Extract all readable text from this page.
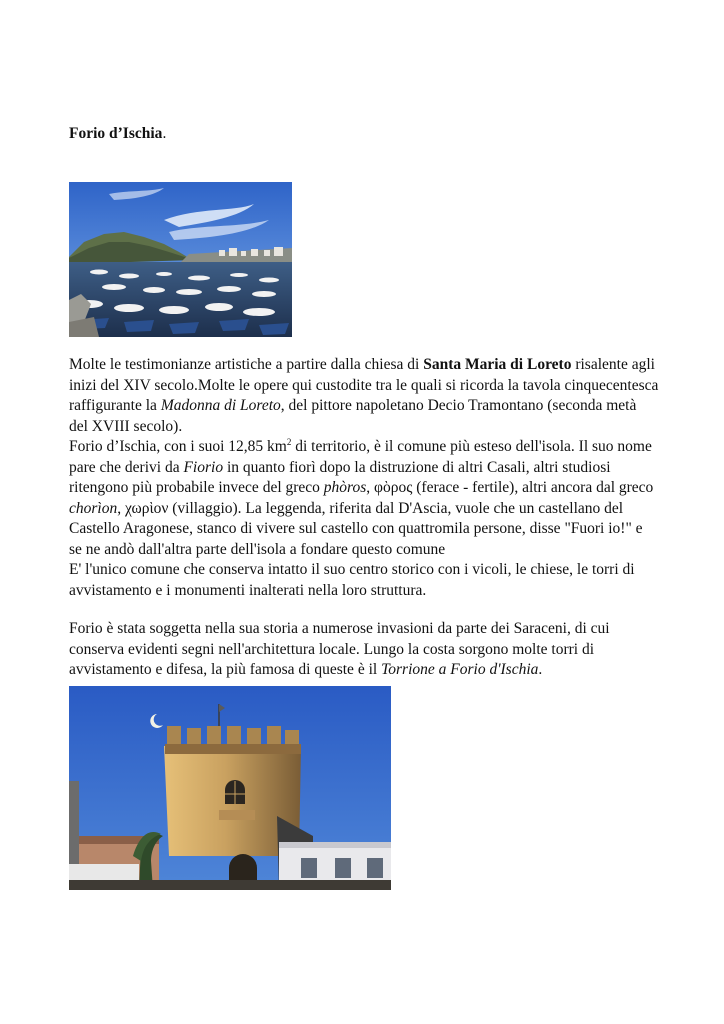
Forio d’Ischia.

Molte le testimonianze artistiche a partire dalla chiesa di Santa Maria di Loreto risalente agli inizi del XIV secolo.Molte le opere qui custodite tra le quali si ricorda la tavola cinquecentesca raffigurante la Madonna di Loreto, del pittore napoletano Decio Tramontano (seconda metà del XVIII secolo).

Forio d’Ischia, con i suoi 12,85 $km^2$ di territorio, è il comune più esteso dell'isola. Il suo nome pare che derivi da Fiorio in quanto fiorì dopo la distruzione di altri Casali, altri studiosi ritengono più probabile invece del greco phòros, φὸρος (ferace - fertile), altri ancora dal greco chorìon, χωρὶον (villaggio). La leggenda, riferita dal D'Ascia, vuole che un castellano del Castello Aragonese, stanco di vivere sul castello con quattromila persone, disse "Fuori io!" e se ne andò dall'altra parte dell'isola a fondare questo comune

E' l'unico comune che conserva intatto il suo centro storico con i vicoli, le chiese, le torri di avvistamento e i monumenti inalterati nella loro struttura.

Forio è stata soggetta nella sua storia a numerose invasioni da parte dei Saraceni, di cui conserva evidenti segni nell'architettura locale. Lungo la costa sorgono molte torri di avvistamento e difesa, la più famosa di queste è il Torrione a Forio d'Ischia.
